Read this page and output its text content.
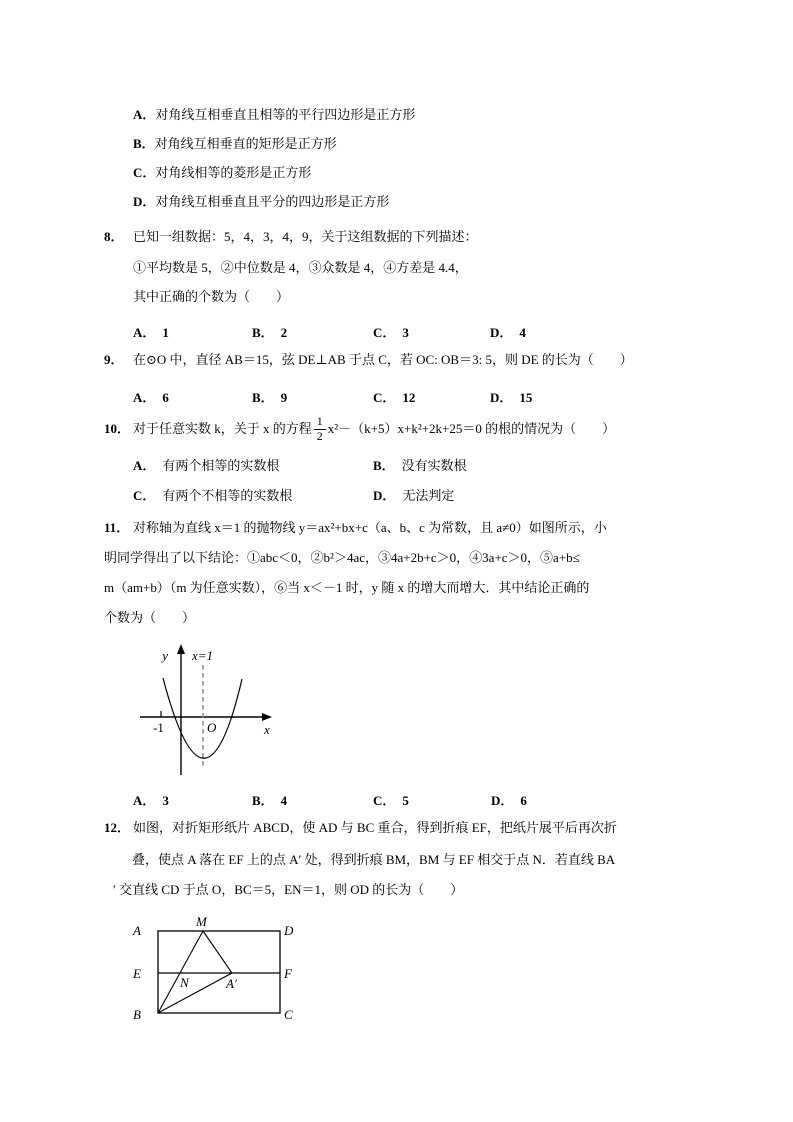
A．对角线互相垂直且相等的平行四边形是正方形
B．对角线互相垂直的矩形是正方形
C．对角线相等的菱形是正方形
D．对角线互相垂直且平分的四边形是正方形
8． 已知一组数据：5，4，3，4，9，关于这组数据的下列描述：
①平均数是 5，②中位数是 4，③众数是 4，④方差是 4.4，
其中正确的个数为（　　）
A． 1	B． 2	C． 3	D． 4
9． 在⊙O 中，直径 AB＝15，弦 DE⊥AB 于点 C，若 OC: OB＝3: 5，则 DE 的长为（　　）
A． 6	B． 9	C． 12	D． 15
10． 对于任意实数 k，关于 x 的方程 $\frac{1}{2} x^2-(k+5)x+k^2+2k+25=0$ 的根的情况为（　　）
A． 有两个相等的实数根	B． 没有实数根
C． 有两个不相等的实数根	D． 无法判定
11． 对称轴为直线 x＝1 的抛物线 y＝ax²+bx+c（a、b、c 为常数，且 a≠0）如图所示，小
明同学得出了以下结论：①abc＜0，②b²＞4ac，③4a+2b+c＞0，④3a+c＞0，⑤a+b≤
m（am+b）（m 为任意实数），⑥当 x＜－1 时，y 随 x 的增大而增大．其中结论正确的
个数为（　　）
y x=1
-1	O	x
A． 3	B． 4	C． 5	D． 6
12． 如图，对折矩形纸片 ABCD，使 AD 与 BC 重合，得到折痕 EF，把纸片展平后再次折
叠，使点 A 落在 EF 上的点 A′ 处，得到折痕 BM，BM 与 EF 相交于点 N．若直线 BA
′ 交直线 CD 于点 O，BC＝5，EN＝1，则 OD 的长为（　　）
A	D
E	F
B	C
M
N	A′
